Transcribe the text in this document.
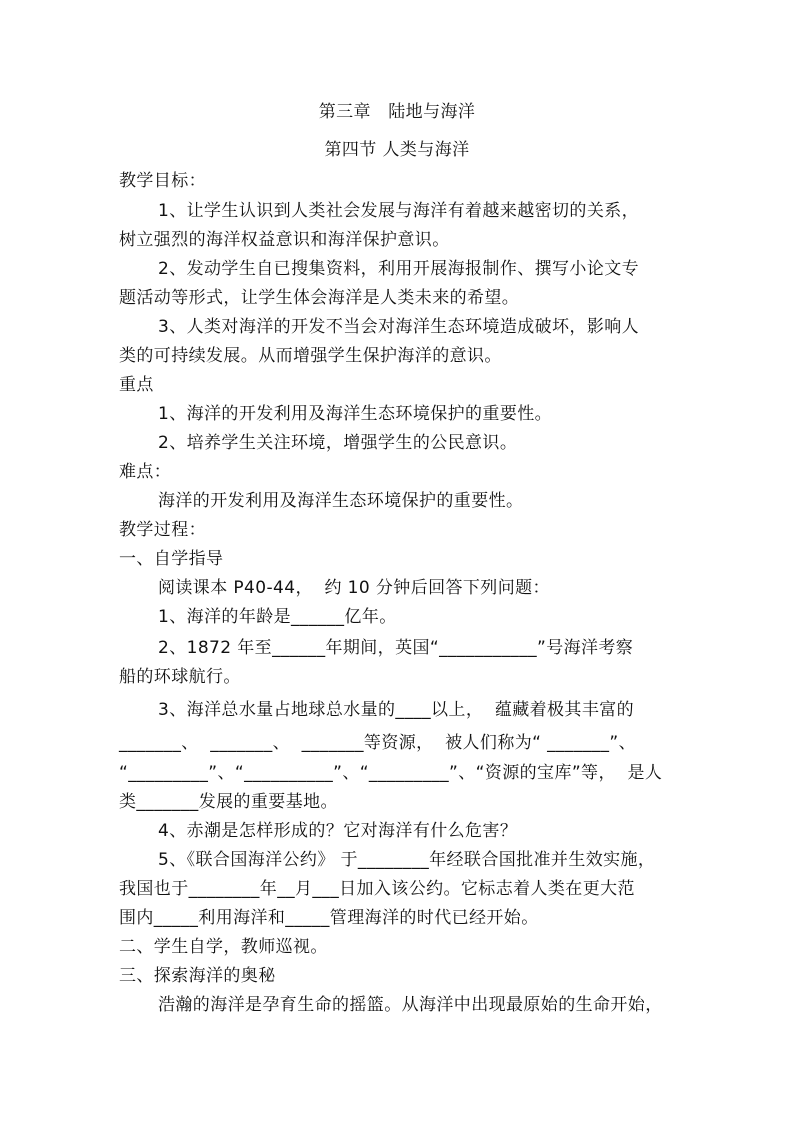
第三章　陆地与海洋
第四节 人类与海洋
教学目标：
1、让学生认识到人类社会发展与海洋有着越来越密切的关系，
树立强烈的海洋权益意识和海洋保护意识。
2、发动学生自已搜集资料，利用开展海报制作、撰写小论文专
题活动等形式，让学生体会海洋是人类未来的希望。
3、人类对海洋的开发不当会对海洋生态环境造成破坏，影响人
类的可持续发展。从而增强学生保护海洋的意识。
重点
1、海洋的开发利用及海洋生态环境保护的重要性。
2、培养学生关注环境，增强学生的公民意识。
难点：
海洋的开发利用及海洋生态环境保护的重要性。
教学过程：
一、自学指导
阅读课本 P40-44，  约 10 分钟后回答下列问题：
1、海洋的年龄是______亿年。
2、1872 年至______年期间，英国“___________”号海洋考察
船的环球航行。
3、海洋总水量占地球总水量的____以上，  蕴藏着极其丰富的
_______、  _______、  _______等资源，  被人们称为“ _______”、
“_________”、“__________”、“_________”、“资源的宝库”等，  是人
类_______发展的重要基地。
4、赤潮是怎样形成的？它对海洋有什么危害？
5、《联合国海洋公约》 于________年经联合国批准并生效实施，
我国也于________年__月___日加入该公约。它标志着人类在更大范
围内_____利用海洋和_____管理海洋的时代已经开始。
二、学生自学，教师巡视。
三、探索海洋的奥秘
浩瀚的海洋是孕育生命的摇篮。从海洋中出现最原始的生命开始，
